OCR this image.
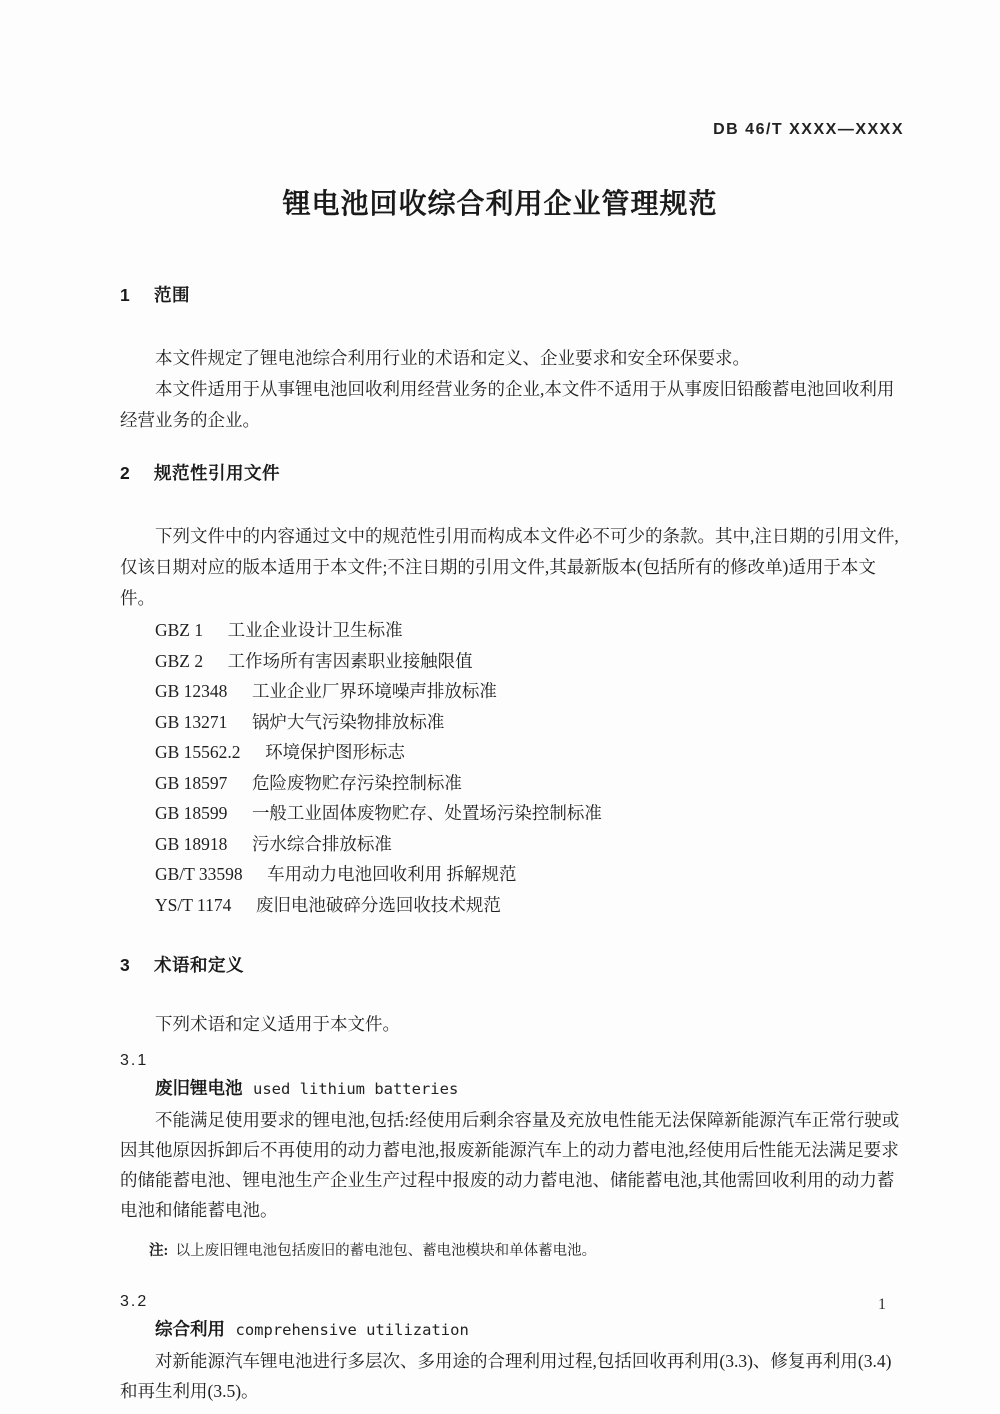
DB 46/T XXXX—XXXX
锂电池回收综合利用企业管理规范
1 范围

本文件规定了锂电池综合利用行业的术语和定义、企业要求和安全环保要求。

本文件适用于从事锂电池回收利用经营业务的企业,本文件不适用于从事废旧铅酸蓄电池回收利用经营业务的企业。

2 规范性引用文件

下列文件中的内容通过文中的规范性引用而构成本文件必不可少的条款。其中,注日期的引用文件,仅该日期对应的版本适用于本文件;不注日期的引用文件,其最新版本(包括所有的修改单)适用于本文件。

GBZ 1 工业企业设计卫生标准
GBZ 2 工作场所有害因素职业接触限值
GB 12348 工业企业厂界环境噪声排放标准
GB 13271 锅炉大气污染物排放标准
GB 15562.2 环境保护图形标志
GB 18597 危险废物贮存污染控制标准
GB 18599 一般工业固体废物贮存、处置场污染控制标准
GB 18918 污水综合排放标准
GB/T 33598 车用动力电池回收利用 拆解规范
YS/T 1174 废旧电池破碎分选回收技术规范
3 术语和定义

下列术语和定义适用于本文件。

3.1
废旧锂电池 used lithium batteries

不能满足使用要求的锂电池,包括:经使用后剩余容量及充放电性能无法保障新能源汽车正常行驶或因其他原因拆卸后不再使用的动力蓄电池,报废新能源汽车上的动力蓄电池,经使用后性能无法满足要求的储能蓄电池、锂电池生产企业生产过程中报废的动力蓄电池、储能蓄电池,其他需回收利用的动力蓄电池和储能蓄电池。

注: 以上废旧锂电池包括废旧的蓄电池包、蓄电池模块和单体蓄电池。
3.2
综合利用 comprehensive utilization

对新能源汽车锂电池进行多层次、多用途的合理利用过程,包括回收再利用(3.3)、修复再利用(3.4)和再生利用(3.5)。

1
